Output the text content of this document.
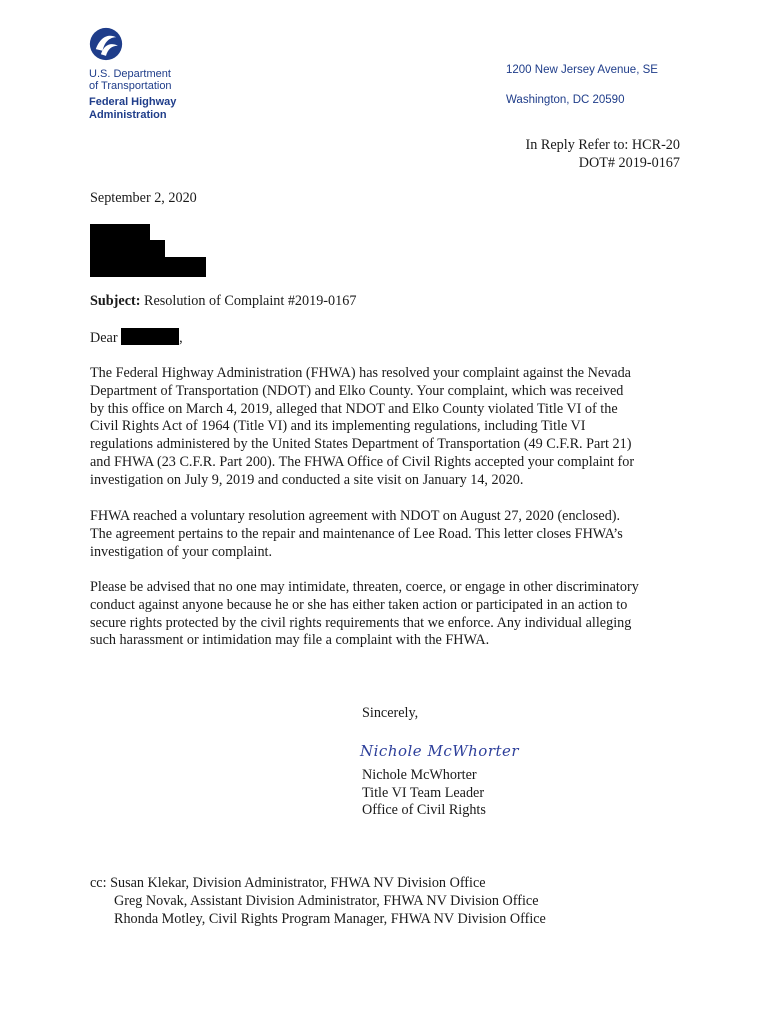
U.S. Department
of Transportation
Federal Highway
Administration
1200 New Jersey Avenue, SE
Washington, DC 20590
In Reply Refer to: HCR-20
DOT# 2019-0167
September 2, 2020
Subject: Resolution of Complaint #2019-0167
Dear	,

The Federal Highway Administration (FHWA) has resolved your complaint against the Nevada

Department of Transportation (NDOT) and Elko County. Your complaint, which was received

by this office on March 4, 2019, alleged that NDOT and Elko County violated Title VI of the

Civil Rights Act of 1964 (Title VI) and its implementing regulations, including Title VI

regulations administered by the United States Department of Transportation (49 C.F.R. Part 21)

and FHWA (23 C.F.R. Part 200). The FHWA Office of Civil Rights accepted your complaint for

investigation on July 9, 2019 and conducted a site visit on January 14, 2020.

FHWA reached a voluntary resolution agreement with NDOT on August 27, 2020 (enclosed).

The agreement pertains to the repair and maintenance of Lee Road. This letter closes FHWA’s

investigation of your complaint.

Please be advised that no one may intimidate, threaten, coerce, or engage in other discriminatory

conduct against anyone because he or she has either taken action or participated in an action to

secure rights protected by the civil rights requirements that we enforce. Any individual alleging

such harassment or intimidation may file a complaint with the FHWA.

Sincerely,
Nichole McWhorter
Nichole McWhorter
Title VI Team Leader
Office of Civil Rights
cc: Susan Klekar, Division Administrator, FHWA NV Division Office
Greg Novak, Assistant Division Administrator, FHWA NV Division Office
Rhonda Motley, Civil Rights Program Manager, FHWA NV Division Office
